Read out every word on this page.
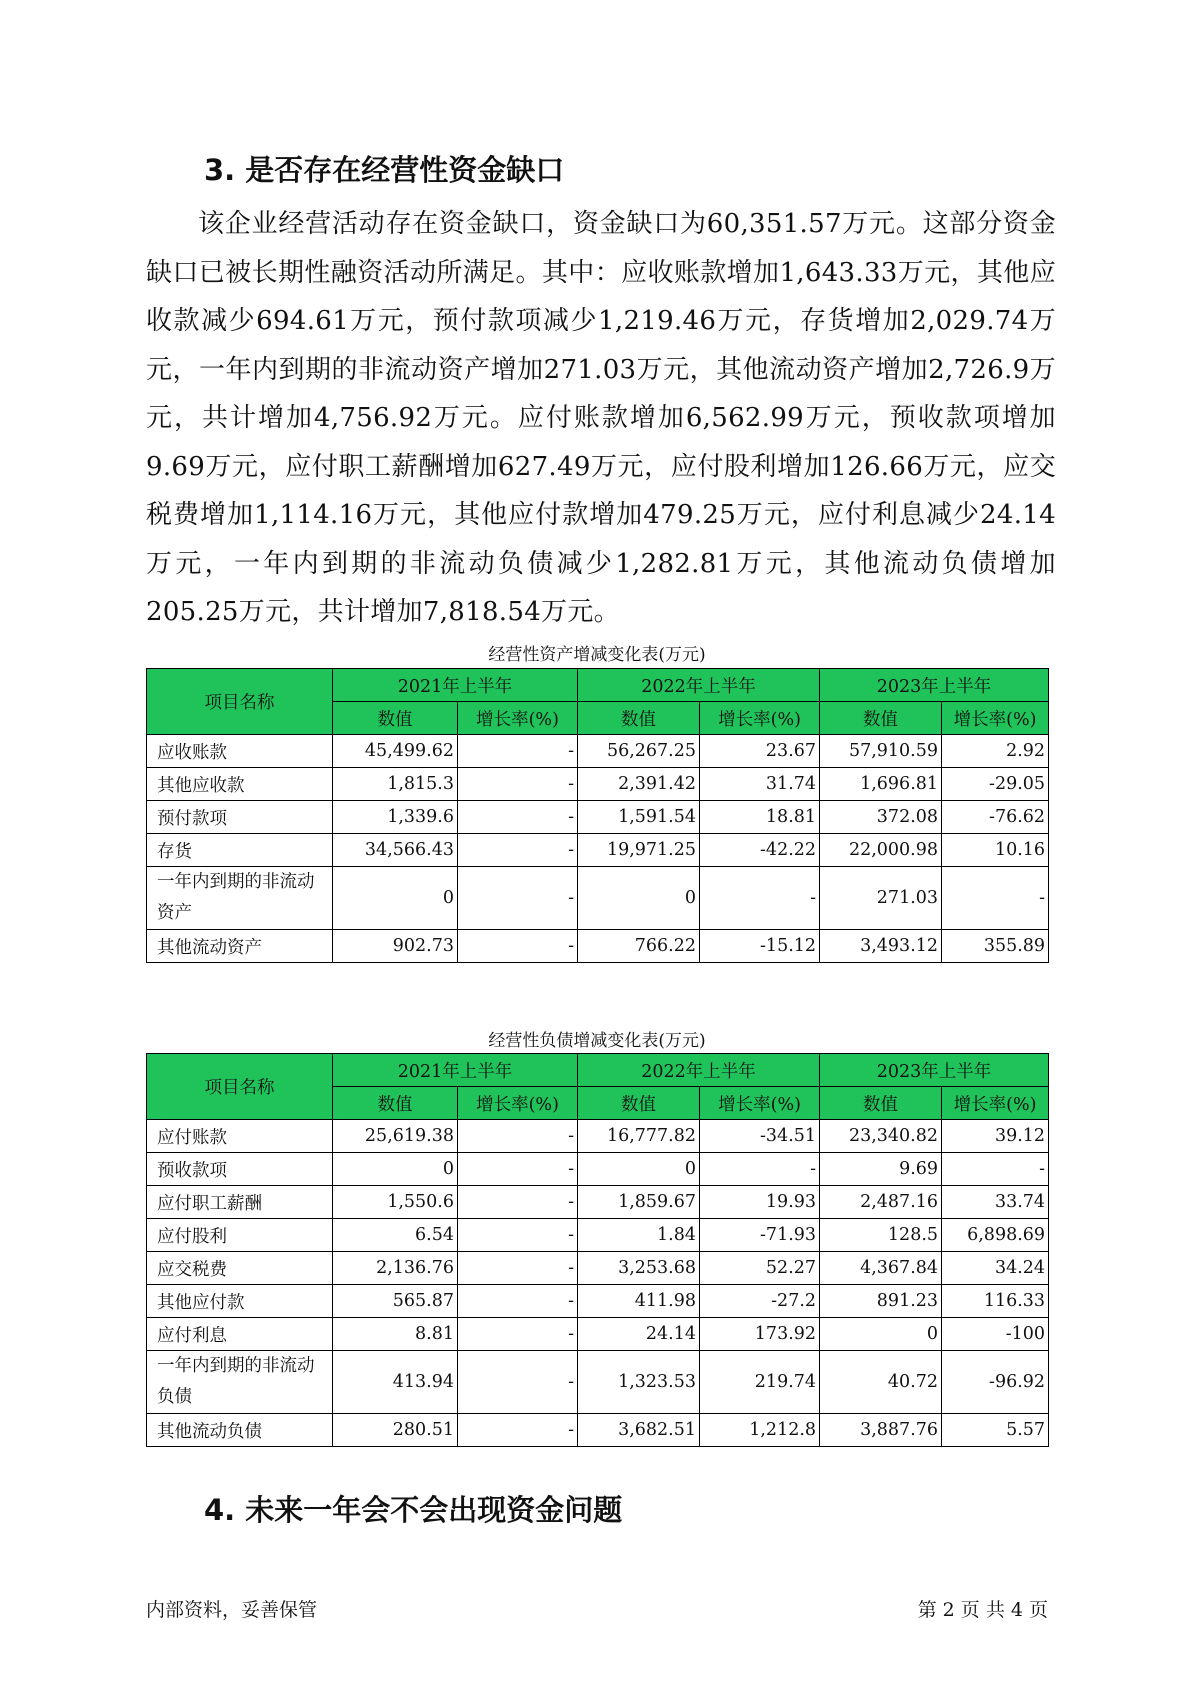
3. 是否存在经营性资金缺口

该企业经营活动存在资金缺口，资金缺口为60,351.57万元。这部分资金缺口已被长期性融资活动所满足。其中：应收账款增加1,643.33万元，其他应收款减少694.61万元，预付款项减少1,219.46万元，存货增加2,029.74万元，一年内到期的非流动资产增加271.03万元，其他流动资产增加2,726.9万元，共计增加4,756.92万元。应付账款增加6,562.99万元，预收款项增加9.69万元，应付职工薪酬增加627.49万元，应付股利增加126.66万元，应交税费增加1,114.16万元，其他应付款增加479.25万元，应付利息减少24.14万元，一年内到期的非流动负债减少1,282.81万元，其他流动负债增加205.25万元，共计增加7,818.54万元。

经营性资产增减变化表(万元)
项目名称	2021年上半年		2022年上半年		2023年上半年	
	数值	增长率(%)	数值	增长率(%)	数值	增长率(%)
应收账款	45,499.62	-	56,267.25	23.67	57,910.59	2.92
其他应收款	1,815.3	-	2,391.42	31.74	1,696.81	-29.05
预付款项	1,339.6	-	1,591.54	18.81	372.08	-76.62
存货	34,566.43	-	19,971.25	-42.22	22,000.98	10.16
一年内到期的非流动资产	0	-	0	-	271.03	-
其他流动资产	902.73	-	766.22	-15.12	3,493.12	355.89
经营性负债增减变化表(万元)
项目名称	2021年上半年		2022年上半年		2023年上半年	
	数值	增长率(%)	数值	增长率(%)	数值	增长率(%)
应付账款	25,619.38	-	16,777.82	-34.51	23,340.82	39.12
预收款项	0	-	0	-	9.69	-
应付职工薪酬	1,550.6	-	1,859.67	19.93	2,487.16	33.74
应付股利	6.54	-	1.84	-71.93	128.5	6,898.69
应交税费	2,136.76	-	3,253.68	52.27	4,367.84	34.24
其他应付款	565.87	-	411.98	-27.2	891.23	116.33
应付利息	8.81	-	24.14	173.92	0	-100
一年内到期的非流动负债	413.94	-	1,323.53	219.74	40.72	-96.92
其他流动负债	280.51	-	3,682.51	1,212.8	3,887.76	5.57
4. 未来一年会不会出现资金问题
内部资料，妥善保管	第 2 页 共 4 页
